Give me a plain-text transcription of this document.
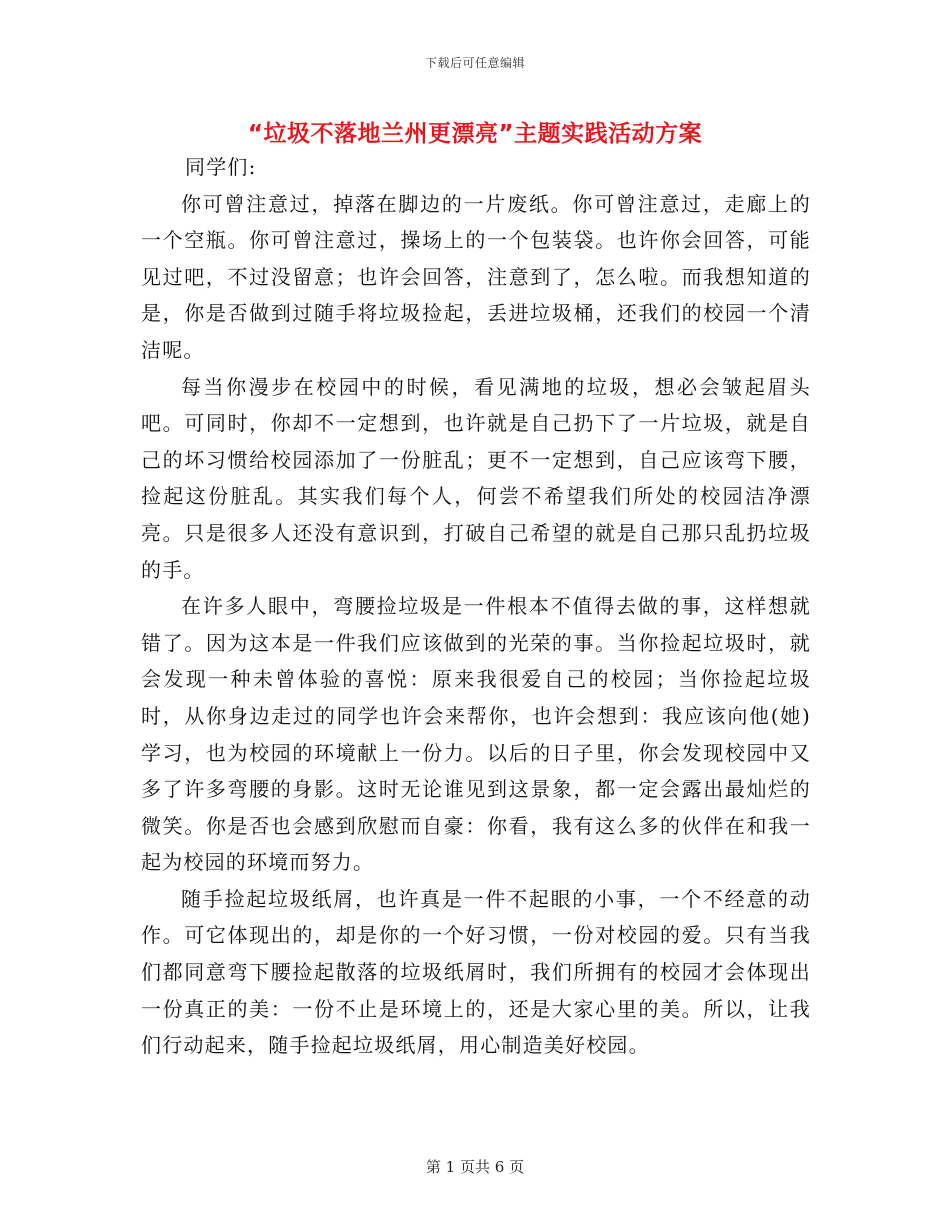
下载后可任意编辑
“垃圾不落地兰州更漂亮”主题实践活动方案

同学们:

你可曾注意过，掉落在脚边的一片废纸。你可曾注意过，走廊上的一个空瓶。你可曾注意过，操场上的一个包装袋。也许你会回答，可能见过吧，不过没留意；也许会回答，注意到了，怎么啦。而我想知道的是，你是否做到过随手将垃圾捡起，丢进垃圾桶，还我们的校园一个清洁呢。

每当你漫步在校园中的时候，看见满地的垃圾，想必会皱起眉头吧。可同时，你却不一定想到，也许就是自己扔下了一片垃圾，就是自己的坏习惯给校园添加了一份脏乱；更不一定想到，自己应该弯下腰，捡起这份脏乱。其实我们每个人，何尝不希望我们所处的校园洁净漂亮。只是很多人还没有意识到，打破自己希望的就是自己那只乱扔垃圾的手。

在许多人眼中，弯腰捡垃圾是一件根本不值得去做的事，这样想就错了。因为这本是一件我们应该做到的光荣的事。当你捡起垃圾时，就会发现一种未曾体验的喜悦：原来我很爱自己的校园；当你捡起垃圾时，从你身边走过的同学也许会来帮你，也许会想到：我应该向他(她)学习，也为校园的环境献上一份力。以后的日子里，你会发现校园中又多了许多弯腰的身影。这时无论谁见到这景象，都一定会露出最灿烂的微笑。你是否也会感到欣慰而自豪：你看，我有这么多的伙伴在和我一起为校园的环境而努力。

随手捡起垃圾纸屑，也许真是一件不起眼的小事，一个不经意的动作。可它体现出的，却是你的一个好习惯，一份对校园的爱。只有当我们都同意弯下腰捡起散落的垃圾纸屑时，我们所拥有的校园才会体现出一份真正的美：一份不止是环境上的，还是大家心里的美。所以，让我们行动起来，随手捡起垃圾纸屑，用心制造美好校园。

第 1 页共 6 页
